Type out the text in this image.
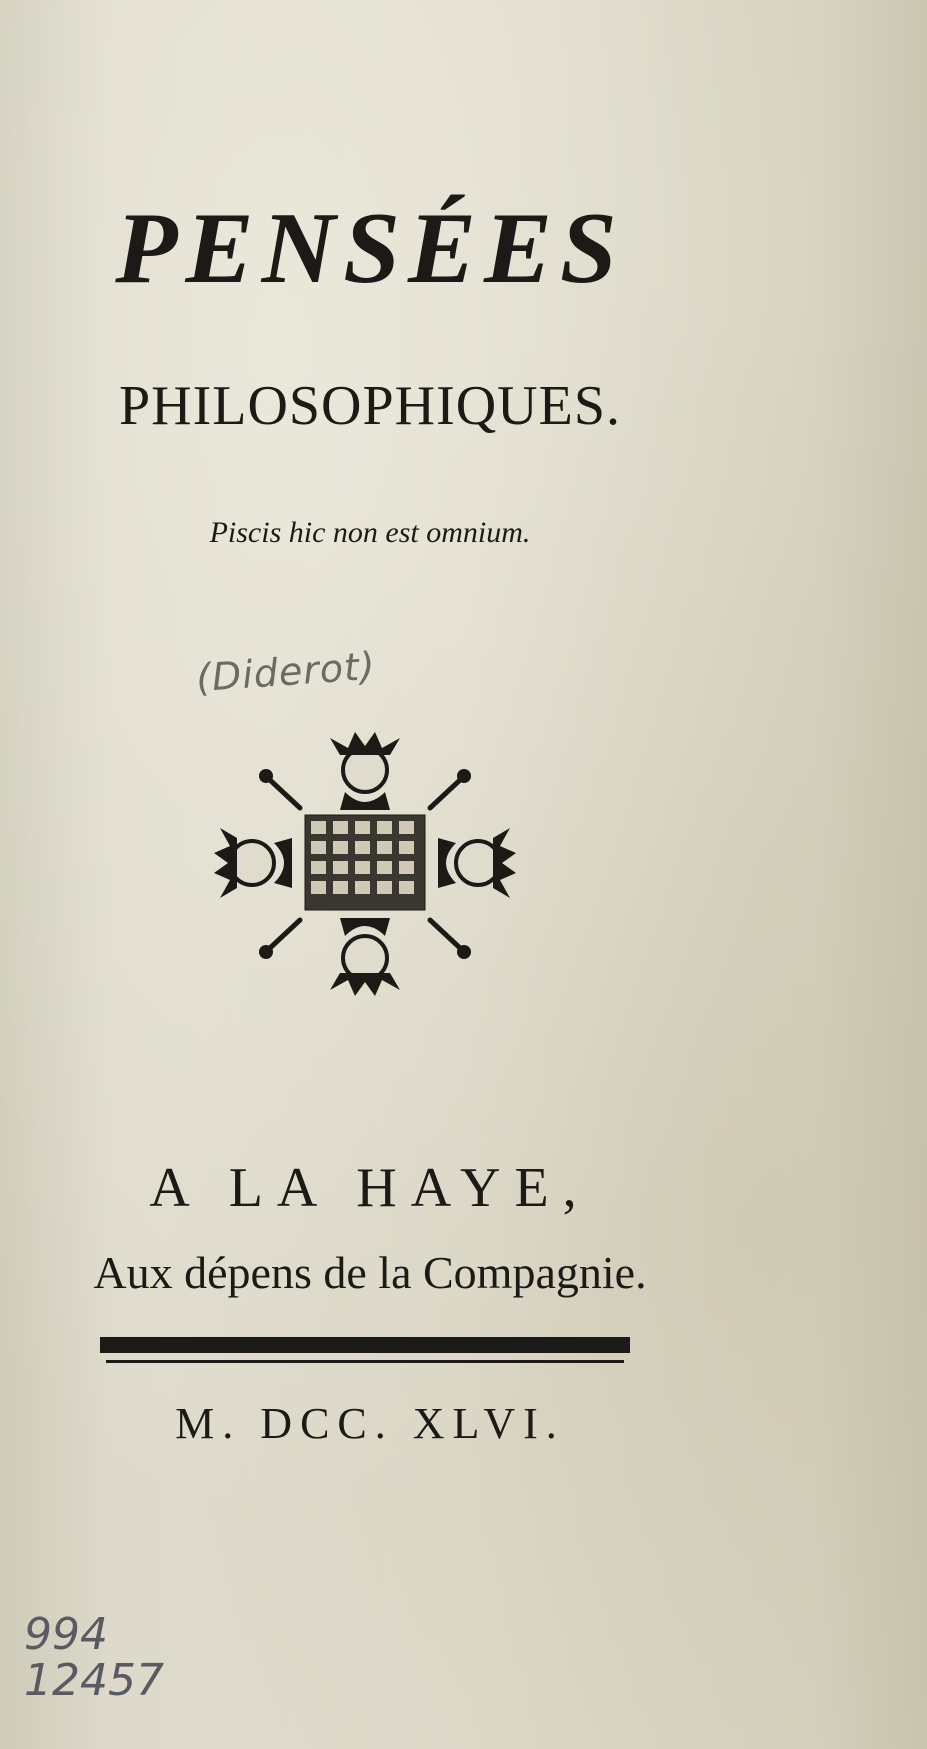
PENSÉES
PHILOSOPHIQUES.
Piscis hic non est omnium.
(Diderot)
A LA HAYE,
Aux dépens de la Compagnie.
M. DCC. XLVI.
994
12457
